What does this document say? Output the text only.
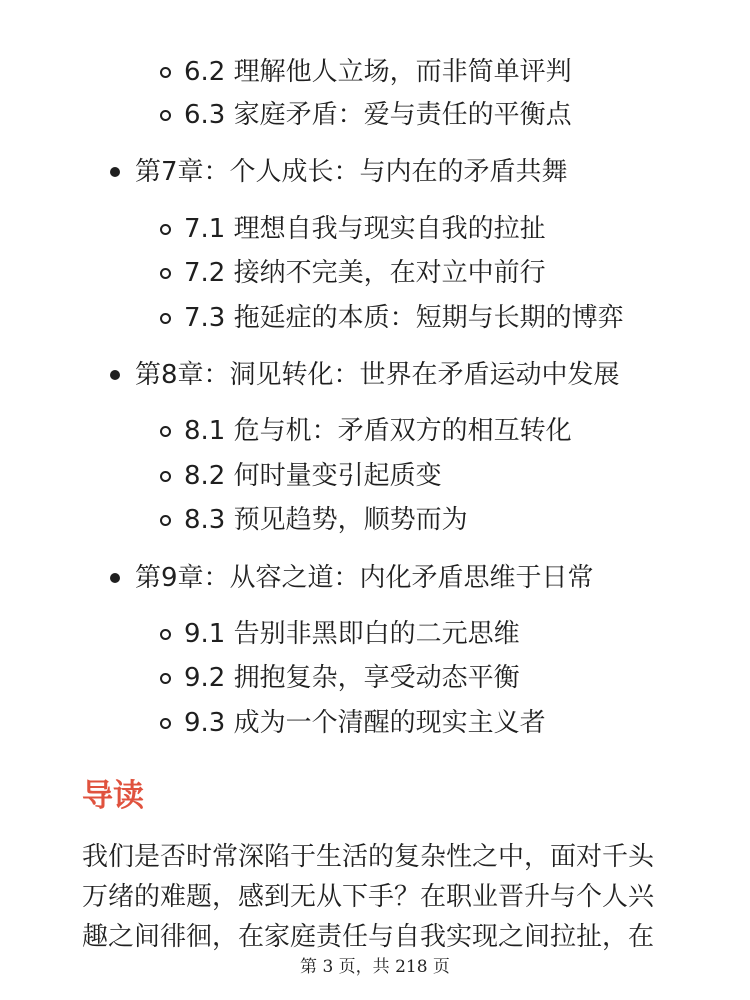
6.2 理解他人立场，而非简单评判
6.3 家庭矛盾：爱与责任的平衡点
第7章：个人成长：与内在的矛盾共舞
7.1 理想自我与现实自我的拉扯
7.2 接纳不完美，在对立中前行
7.3 拖延症的本质：短期与长期的博弈
第8章：洞见转化：世界在矛盾运动中发展
8.1 危与机：矛盾双方的相互转化
8.2 何时量变引起质变
8.3 预见趋势，顺势而为
第9章：从容之道：内化矛盾思维于日常
9.1 告别非黑即白的二元思维
9.2 拥抱复杂，享受动态平衡
9.3 成为一个清醒的现实主义者
导读
我们是否时常深陷于生活的复杂性之中，面对千头
万绪的难题，感到无从下手？在职业晋升与个人兴
趣之间徘徊，在家庭责任与自我实现之间拉扯，在
第 3 页，共 218 页
